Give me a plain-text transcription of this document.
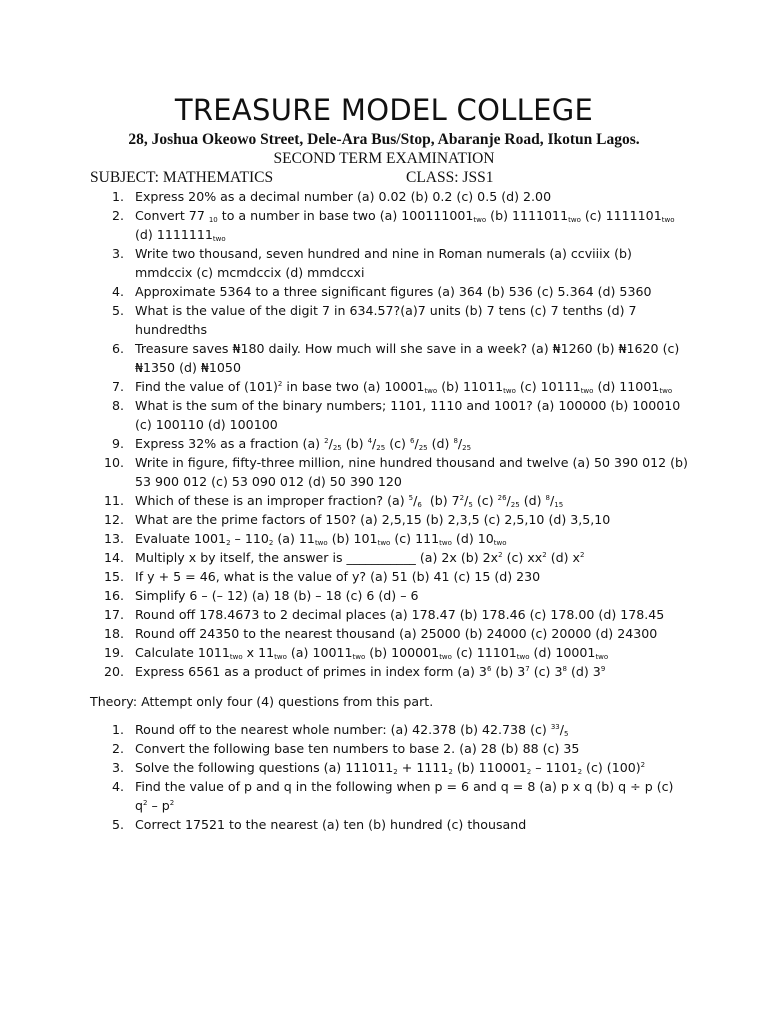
TREASURE MODEL COLLEGE
28, Joshua Okeowo Street, Dele-Ara Bus/Stop, Abaranje Road, Ikotun Lagos.
SECOND TERM EXAMINATION
SUBJECT: MATHEMATICS	CLASS: JSS1
1. Express 20% as a decimal number (a) 0.02 (b) 0.2 (c) 0.5 (d) 2.00
2. Convert 77 $_{10}$ to a number in base two (a) $100111001_{two}$ (b) $1111011_{two}$ (c) $1111101_{two}$ (d) $1111111_{two}$
3. Write two thousand, seven hundred and nine in Roman numerals (a) ccviiix (b) mmdccix (c) mcmdccix (d) mmdccxi
4. Approximate 5364 to a three significant figures (a) 364 (b) 536 (c) 5.364 (d) 5360
5. What is the value of the digit 7 in 634.57?(a)7 units (b) 7 tens (c) 7 tenths (d) 7 hundredths
6. Treasure saves ₦180 daily. How much will she save in a week? (a) ₦1260 (b) ₦1620 (c) ₦1350 (d) ₦1050
7. Find the value of $(101)^2$ in base two (a) $10001_{two}$ (b) $11011_{two}$ (c) $10111_{two}$ (d) $11001_{two}$
8. What is the sum of the binary numbers; 1101, 1110 and 1001? (a) 100000 (b) 100010 (c) 100110 (d) 100100
9. Express 32% as a fraction (a) $^2/_{25}$ (b) $^4/_{25}$ (c) $^6/_{25}$ (d) $^8/_{25}$
10. Write in figure, fifty-three million, nine hundred thousand and twelve (a) 50 390 012 (b) 53 900 012 (c) 53 090 012 (d) 50 390 120
11. Which of these is an improper fraction? (a) $^5/_6$  (b) $7^2/_5$ (c) $^{26}/_{25}$ (d) $^8/_{15}$
12. What are the prime factors of 150? (a) 2,5,15 (b) 2,3,5 (c) 2,5,10 (d) 3,5,10
13. Evaluate $1001_2 - 110_2$ (a) $11_{two}$ (b) $101_{two}$ (c) $111_{two}$ (d) $10_{two}$
14. Multiply x by itself, the answer is ___________ (a) 2x (b) $2x^2$ (c) $xx^2$ (d) $x^2$
15. If y + 5 = 46, what is the value of y? (a) 51 (b) 41 (c) 15 (d) 230
16. Simplify 6 – (– 12) (a) 18 (b) – 18 (c) 6 (d) – 6
17. Round off 178.4673 to 2 decimal places (a) 178.47 (b) 178.46 (c) 178.00 (d) 178.45
18. Round off 24350 to the nearest thousand (a) 25000 (b) 24000 (c) 20000 (d) 24300
19. Calculate $1011_{two}$ x $11_{two}$ (a) $10011_{two}$ (b) $100001_{two}$ (c) $11101_{two}$ (d) $10001_{two}$
20. Express 6561 as a product of primes in index form (a) $3^6$ (b) $3^7$ (c) $3^8$ (d) $3^9$
Theory: Attempt only four (4) questions from this part.
1. Round off to the nearest whole number: (a) 42.378 (b) 42.738 (c) $^{33}/_5$
2. Convert the following base ten numbers to base 2. (a) 28 (b) 88 (c) 35
3. Solve the following questions (a) $111011_2 + 1111_2$ (b) $110001_2 - 1101_2$ (c) $(100)^2$
4. Find the value of p and q in the following when p = 6 and q = 8 (a) p x q (b) q ÷ p (c) $q^2 - p^2$
5. Correct 17521 to the nearest (a) ten (b) hundred (c) thousand
